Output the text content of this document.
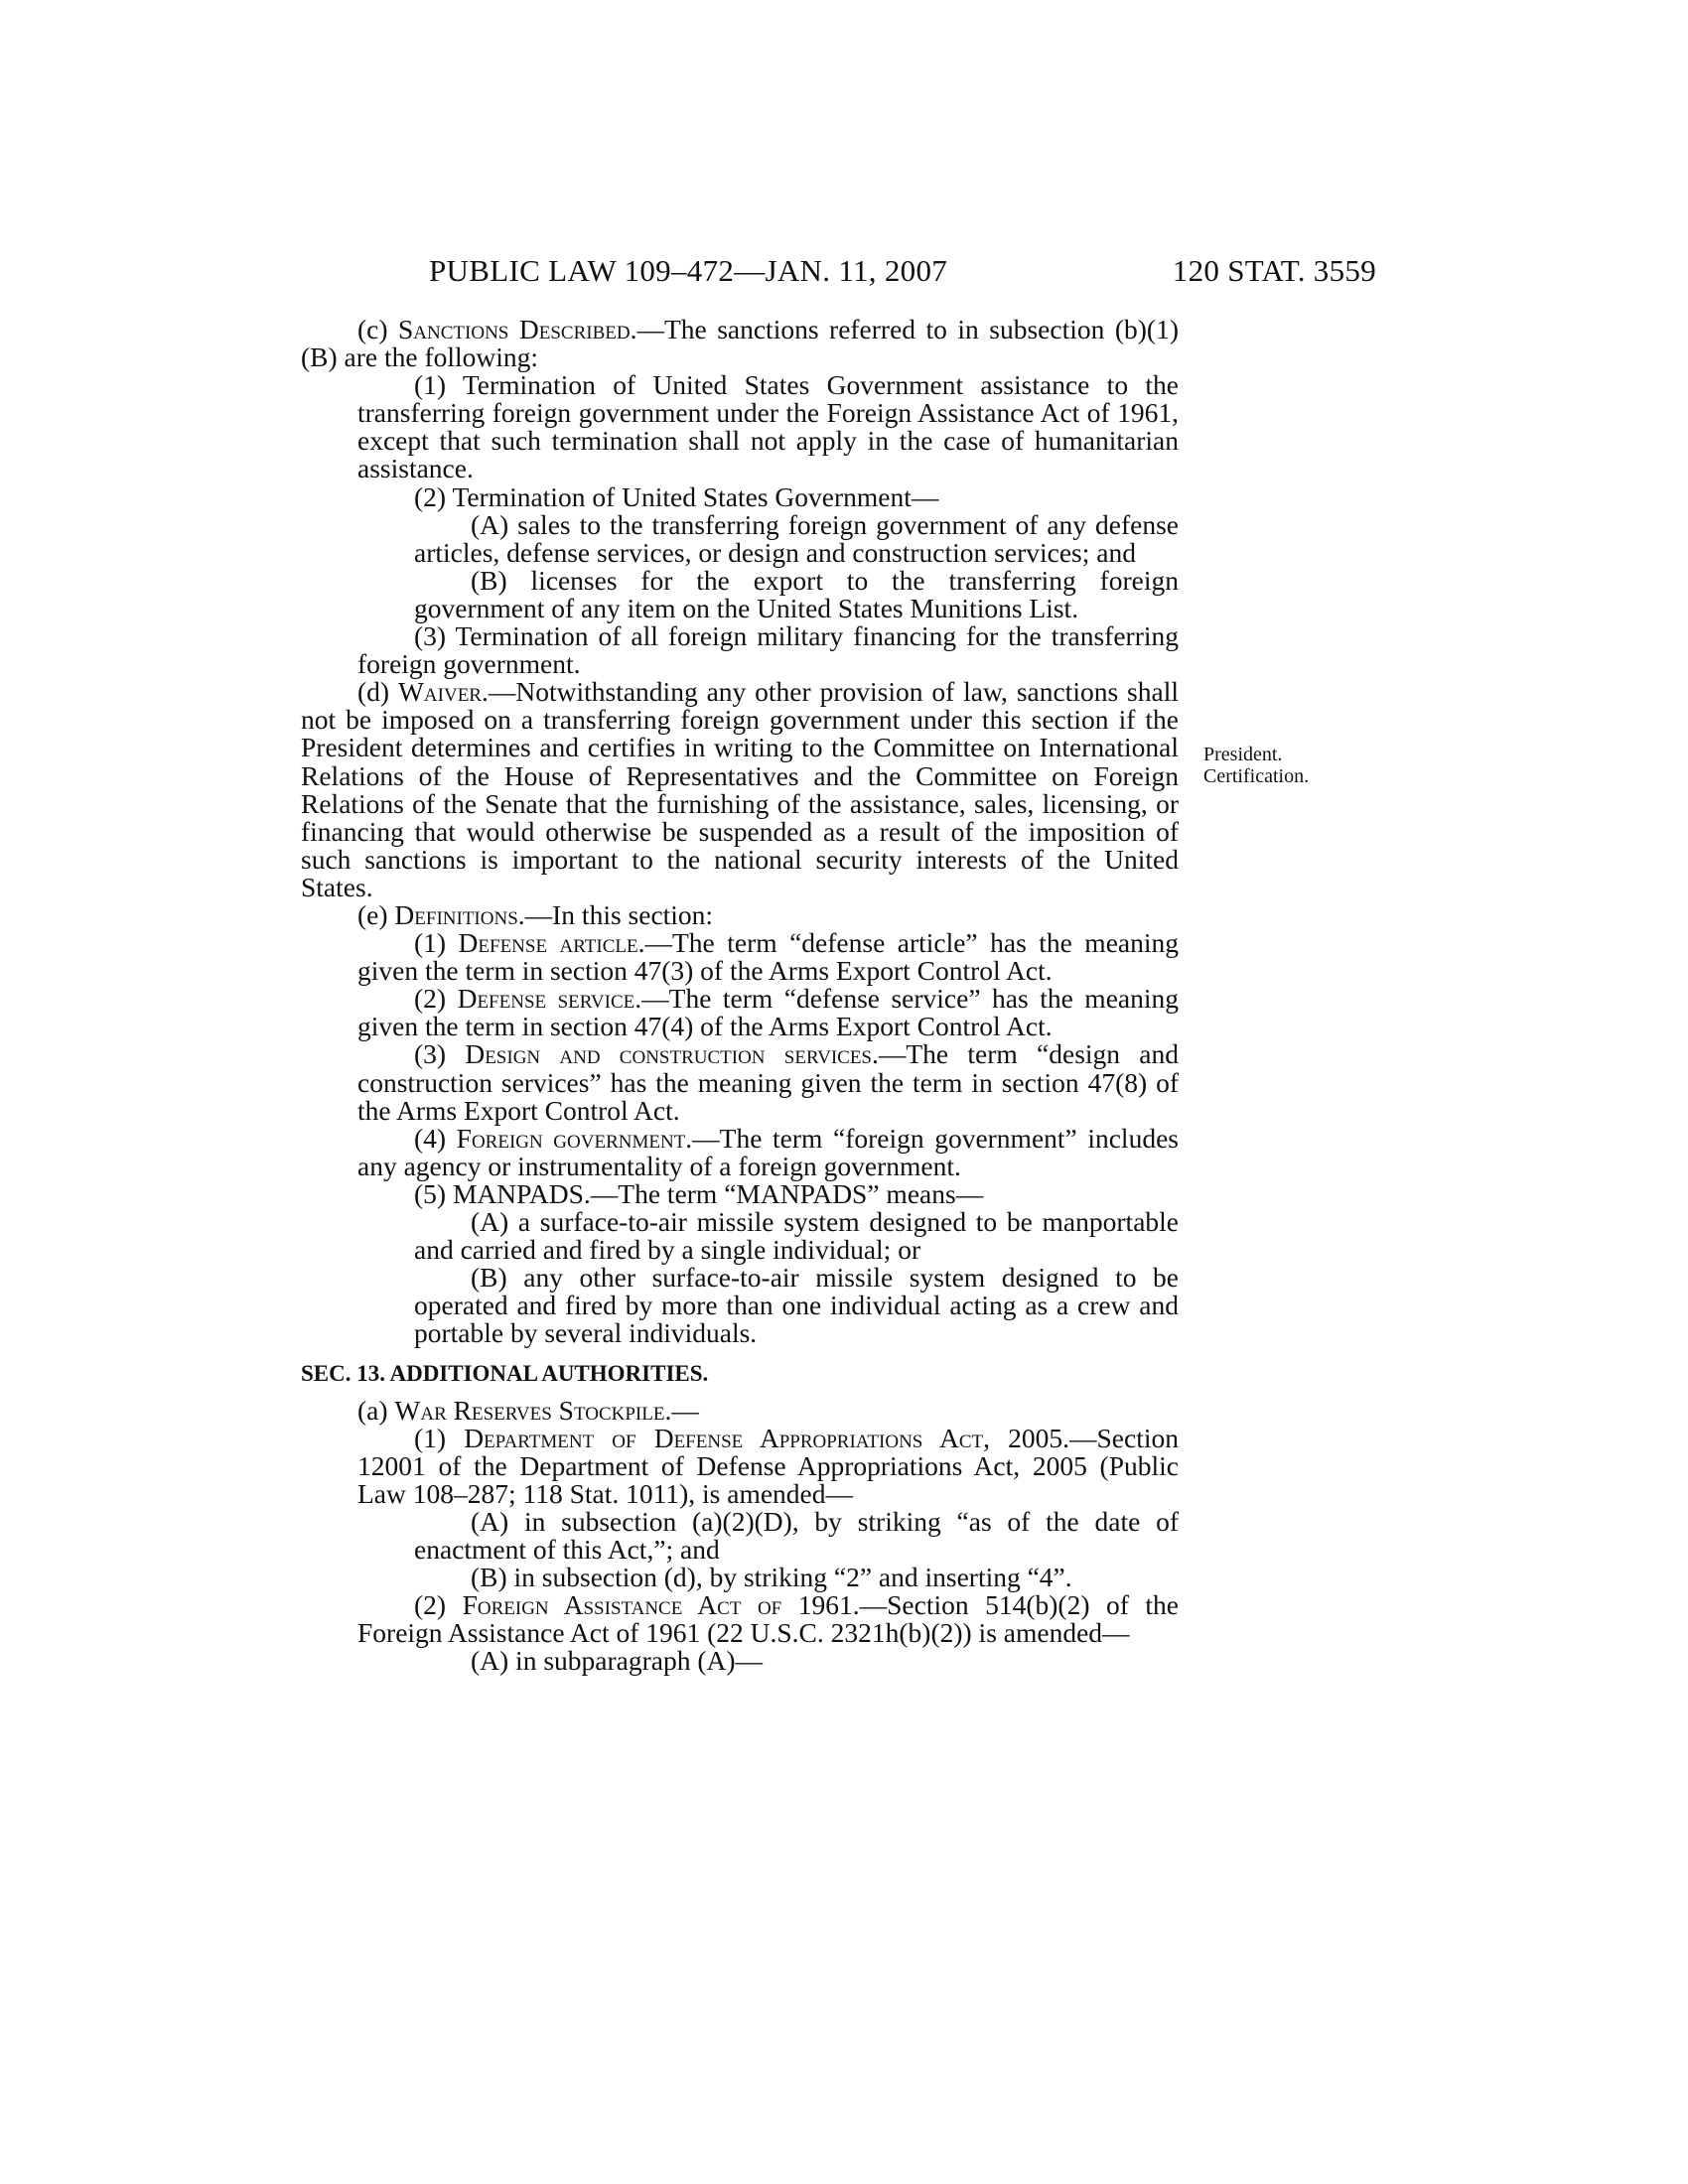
PUBLIC LAW 109–472—JAN. 11, 2007	120 STAT. 3559
President.
Certification.

(c) Sanctions Described.—The sanctions referred to in subsection (b)(1)(B) are the following:

(1) Termination of United States Government assistance to the transferring foreign government under the Foreign Assistance Act of 1961, except that such termination shall not apply in the case of humanitarian assistance.

(2) Termination of United States Government—

(A) sales to the transferring foreign government of any defense articles, defense services, or design and construction services; and

(B) licenses for the export to the transferring foreign government of any item on the United States Munitions List.

(3) Termination of all foreign military financing for the transferring foreign government.

(d) Waiver.—Notwithstanding any other provision of law, sanctions shall not be imposed on a transferring foreign government under this section if the President determines and certifies in writing to the Committee on International Relations of the House of Representatives and the Committee on Foreign Relations of the Senate that the furnishing of the assistance, sales, licensing, or financing that would otherwise be suspended as a result of the imposition of such sanctions is important to the national security interests of the United States.

(e) Definitions.—In this section:

(1) Defense article.—The term “defense article” has the meaning given the term in section 47(3) of the Arms Export Control Act.

(2) Defense service.—The term “defense service” has the meaning given the term in section 47(4) of the Arms Export Control Act.

(3) Design and construction services.—The term “design and construction services” has the meaning given the term in section 47(8) of the Arms Export Control Act.

(4) Foreign government.—The term “foreign government” includes any agency or instrumentality of a foreign government.

(5) MANPADS.—The term “MANPADS” means—

(A) a surface-to-air missile system designed to be manportable and carried and fired by a single individual; or

(B) any other surface-to-air missile system designed to be operated and fired by more than one individual acting as a crew and portable by several individuals.

SEC. 13. ADDITIONAL AUTHORITIES.

(a) War Reserves Stockpile.—

(1) Department of Defense Appropriations Act, 2005.—Section 12001 of the Department of Defense Appropriations Act, 2005 (Public Law 108–287; 118 Stat. 1011), is amended—

(A) in subsection (a)(2)(D), by striking “as of the date of enactment of this Act,”; and

(B) in subsection (d), by striking “2” and inserting “4”.

(2) Foreign Assistance Act of 1961.—Section 514(b)(2) of the Foreign Assistance Act of 1961 (22 U.S.C. 2321h(b)(2)) is amended—

(A) in subparagraph (A)—
